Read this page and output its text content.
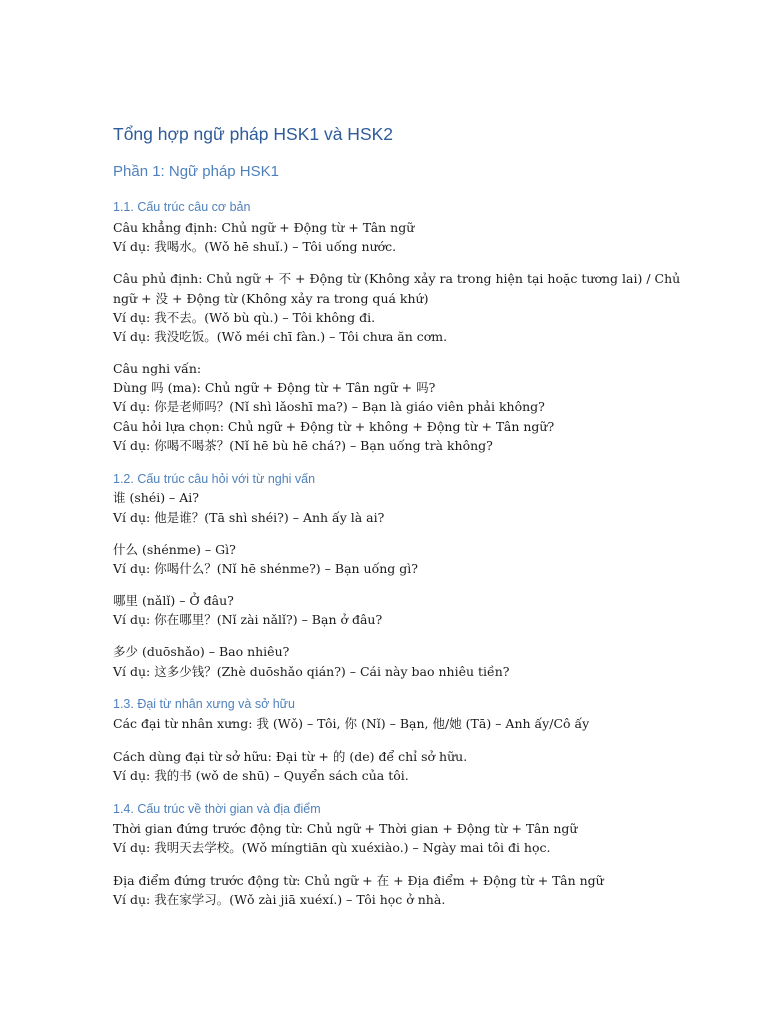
Tổng hợp ngữ pháp HSK1 và HSK2
Phần 1: Ngữ pháp HSK1
1.1. Cấu trúc câu cơ bản

Câu khẳng định: Chủ ngữ + Động từ + Tân ngữ

Ví dụ: 我喝水。(Wǒ hē shuǐ.) – Tôi uống nước.

Câu phủ định: Chủ ngữ + 不 + Động từ (Không xảy ra trong hiện tại hoặc tương lai) / Chủ

ngữ + 没 + Động từ (Không xảy ra trong quá khứ)

Ví dụ: 我不去。(Wǒ bù qù.) – Tôi không đi.

Ví dụ: 我没吃饭。(Wǒ méi chī fàn.) – Tôi chưa ăn cơm.

Câu nghi vấn:

Dùng 吗 (ma): Chủ ngữ + Động từ + Tân ngữ + 吗?

Ví dụ: 你是老师吗？(Nǐ shì lǎoshī ma?) – Bạn là giáo viên phải không?

Câu hỏi lựa chọn: Chủ ngữ + Động từ + không + Động từ + Tân ngữ?

Ví dụ: 你喝不喝茶？(Nǐ hē bù hē chá?) – Bạn uống trà không?

1.2. Cấu trúc câu hỏi với từ nghi vấn

谁 (shéi) – Ai?

Ví dụ: 他是谁？(Tā shì shéi?) – Anh ấy là ai?

什么 (shénme) – Gì?

Ví dụ: 你喝什么？(Nǐ hē shénme?) – Bạn uống gì?

哪里 (nǎlǐ) – Ở đâu?

Ví dụ: 你在哪里？(Nǐ zài nǎlǐ?) – Bạn ở đâu?

多少 (duōshǎo) – Bao nhiêu?

Ví dụ: 这多少钱？(Zhè duōshǎo qián?) – Cái này bao nhiêu tiền?

1.3. Đại từ nhân xưng và sở hữu

Các đại từ nhân xưng: 我 (Wǒ) – Tôi, 你 (Nǐ) – Bạn, 他/她 (Tā) – Anh ấy/Cô ấy

Cách dùng đại từ sở hữu: Đại từ + 的 (de) để chỉ sở hữu.

Ví dụ: 我的书 (wǒ de shū) – Quyển sách của tôi.

1.4. Cấu trúc về thời gian và địa điểm

Thời gian đứng trước động từ: Chủ ngữ + Thời gian + Động từ + Tân ngữ

Ví dụ: 我明天去学校。(Wǒ míngtiān qù xuéxiào.) – Ngày mai tôi đi học.

Địa điểm đứng trước động từ: Chủ ngữ + 在 + Địa điểm + Động từ + Tân ngữ

Ví dụ: 我在家学习。(Wǒ zài jiā xuéxí.) – Tôi học ở nhà.
